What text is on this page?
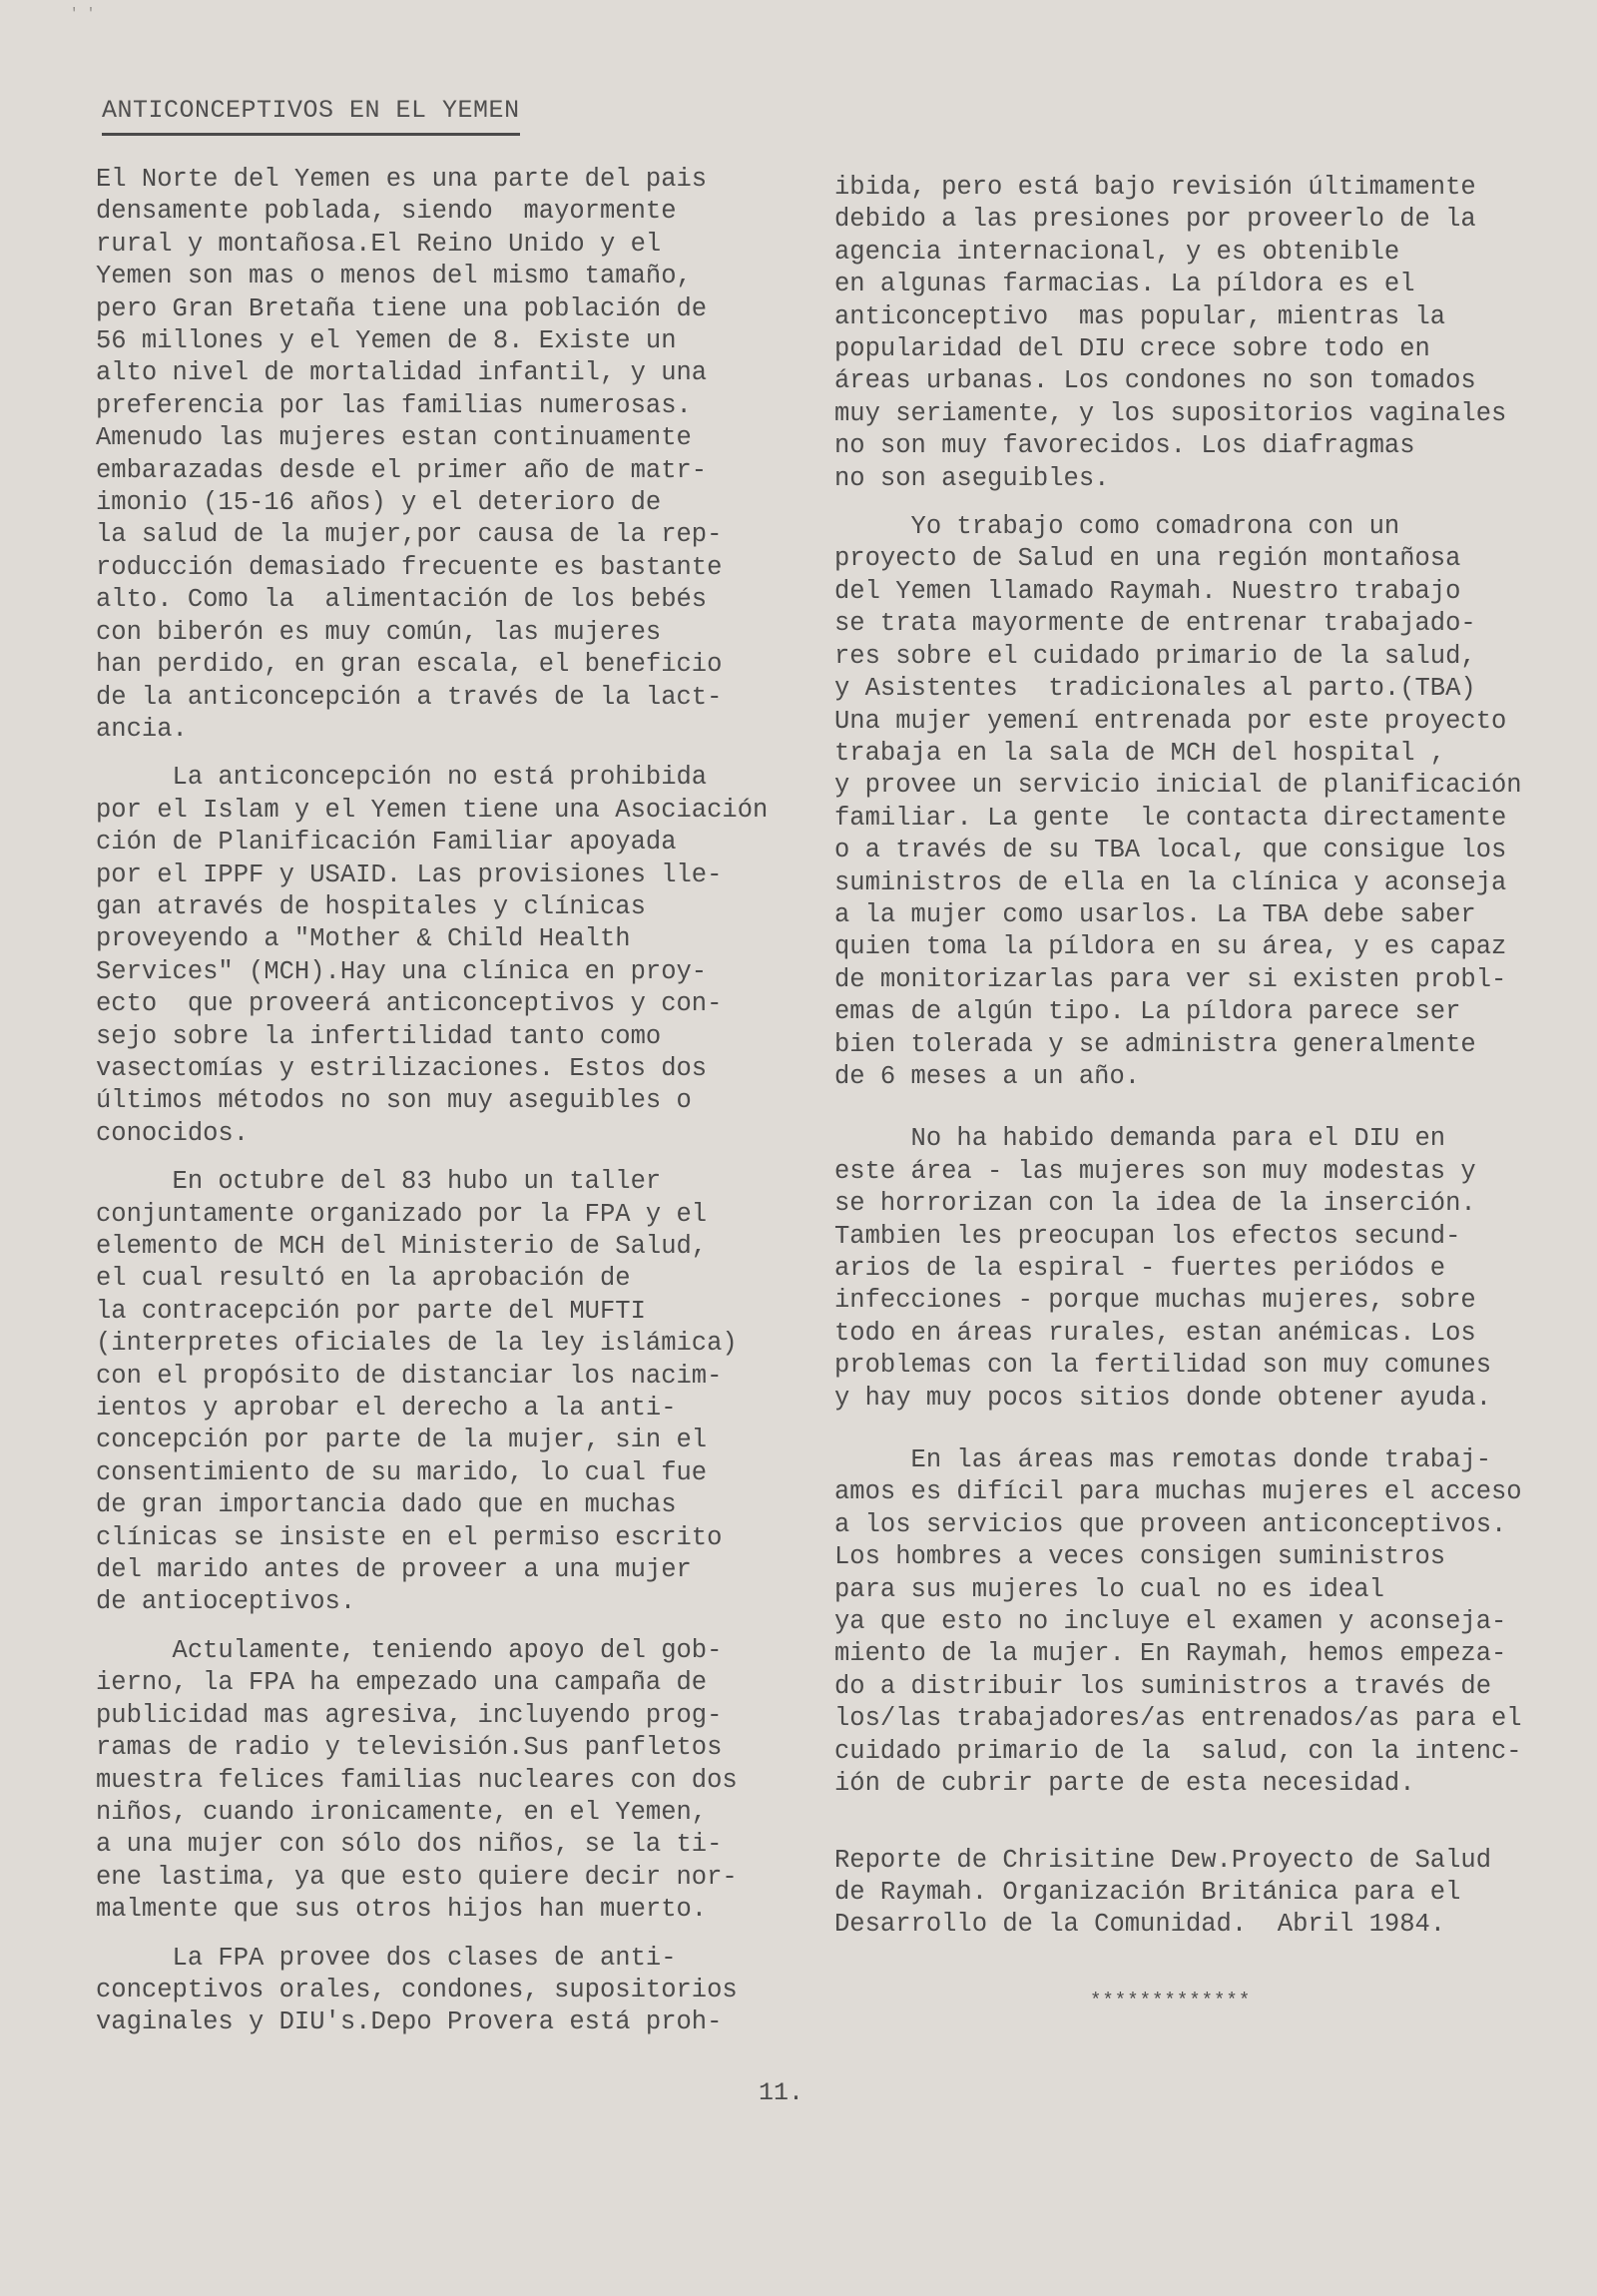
' '
ANTICONCEPTIVOS EN EL YEMEN

El Norte del Yemen es una parte del pais
densamente poblada, siendo  mayormente
rural y montañosa.El Reino Unido y el
Yemen son mas o menos del mismo tamaño,
pero Gran Bretaña tiene una población de
56 millones y el Yemen de 8. Existe un
alto nivel de mortalidad infantil, y una
preferencia por las familias numerosas.
Amenudo las mujeres estan continuamente
embarazadas desde el primer año de matr-
imonio (15-16 años) y el deterioro de
la salud de la mujer,por causa de la rep-
roducción demasiado frecuente es bastante
alto. Como la  alimentación de los bebés
con biberón es muy común, las mujeres
han perdido, en gran escala, el beneficio
de la anticoncepción a través de la lact-
ancia.

La anticoncepción no está prohibida
por el Islam y el Yemen tiene una Asociación
ción de Planificación Familiar apoyada
por el IPPF y USAID. Las provisiones lle-
gan através de hospitales y clínicas
proveyendo a "Mother & Child Health
Services" (MCH).Hay una clínica en proy-
ecto  que proveerá anticonceptivos y con-
sejo sobre la infertilidad tanto como
vasectomías y estrilizaciones. Estos dos
últimos métodos no son muy aseguibles o
conocidos.

En octubre del 83 hubo un taller
conjuntamente organizado por la FPA y el
elemento de MCH del Ministerio de Salud,
el cual resultó en la aprobación de
la contracepción por parte del MUFTI
(interpretes oficiales de la ley islámica)
con el propósito de distanciar los nacim-
ientos y aprobar el derecho a la anti-
concepción por parte de la mujer, sin el
consentimiento de su marido, lo cual fue
de gran importancia dado que en muchas
clínicas se insiste en el permiso escrito
del marido antes de proveer a una mujer
de antioceptivos.

Actulamente, teniendo apoyo del gob-
ierno, la FPA ha empezado una campaña de
publicidad mas agresiva, incluyendo prog-
ramas de radio y televisión.Sus panfletos
muestra felices familias nucleares con dos
niños, cuando ironicamente, en el Yemen,
a una mujer con sólo dos niños, se la ti-
ene lastima, ya que esto quiere decir nor-
malmente que sus otros hijos han muerto.

La FPA provee dos clases de anti-
conceptivos orales, condones, supositorios
vaginales y DIU's.Depo Provera está proh-

ibida, pero está bajo revisión últimamente
debido a las presiones por proveerlo de la
agencia internacional, y es obtenible
en algunas farmacias. La píldora es el
anticonceptivo  mas popular, mientras la
popularidad del DIU crece sobre todo en
áreas urbanas. Los condones no son tomados
muy seriamente, y los supositorios vaginales
no son muy favorecidos. Los diafragmas
no son aseguibles.

Yo trabajo como comadrona con un
proyecto de Salud en una región montañosa
del Yemen llamado Raymah. Nuestro trabajo
se trata mayormente de entrenar trabajado-
res sobre el cuidado primario de la salud,
y Asistentes  tradicionales al parto.(TBA)
Una mujer yemení entrenada por este proyecto
trabaja en la sala de MCH del hospital ,
y provee un servicio inicial de planificación
familiar. La gente  le contacta directamente
o a través de su TBA local, que consigue los
suministros de ella en la clínica y aconseja
a la mujer como usarlos. La TBA debe saber
quien toma la píldora en su área, y es capaz
de monitorizarlas para ver si existen probl-
emas de algún tipo. La píldora parece ser
bien tolerada y se administra generalmente
de 6 meses a un año.

No ha habido demanda para el DIU en
este área - las mujeres son muy modestas y
se horrorizan con la idea de la inserción.
Tambien les preocupan los efectos secund-
arios de la espiral - fuertes periódos e
infecciones - porque muchas mujeres, sobre
todo en áreas rurales, estan anémicas. Los
problemas con la fertilidad son muy comunes
y hay muy pocos sitios donde obtener ayuda.

En las áreas mas remotas donde trabaj-
amos es difícil para muchas mujeres el acceso
a los servicios que proveen anticonceptivos.
Los hombres a veces consigen suministros
para sus mujeres lo cual no es ideal
ya que esto no incluye el examen y aconseja-
miento de la mujer. En Raymah, hemos empeza-
do a distribuir los suministros a través de
los/las trabajadores/as entrenados/as para el
cuidado primario de la  salud, con la intenc-
ión de cubrir parte de esta necesidad.

Reporte de Chrisitine Dew.Proyecto de Salud
de Raymah. Organización Británica para el
Desarrollo de la Comunidad.  Abril 1984.

*************
11.
